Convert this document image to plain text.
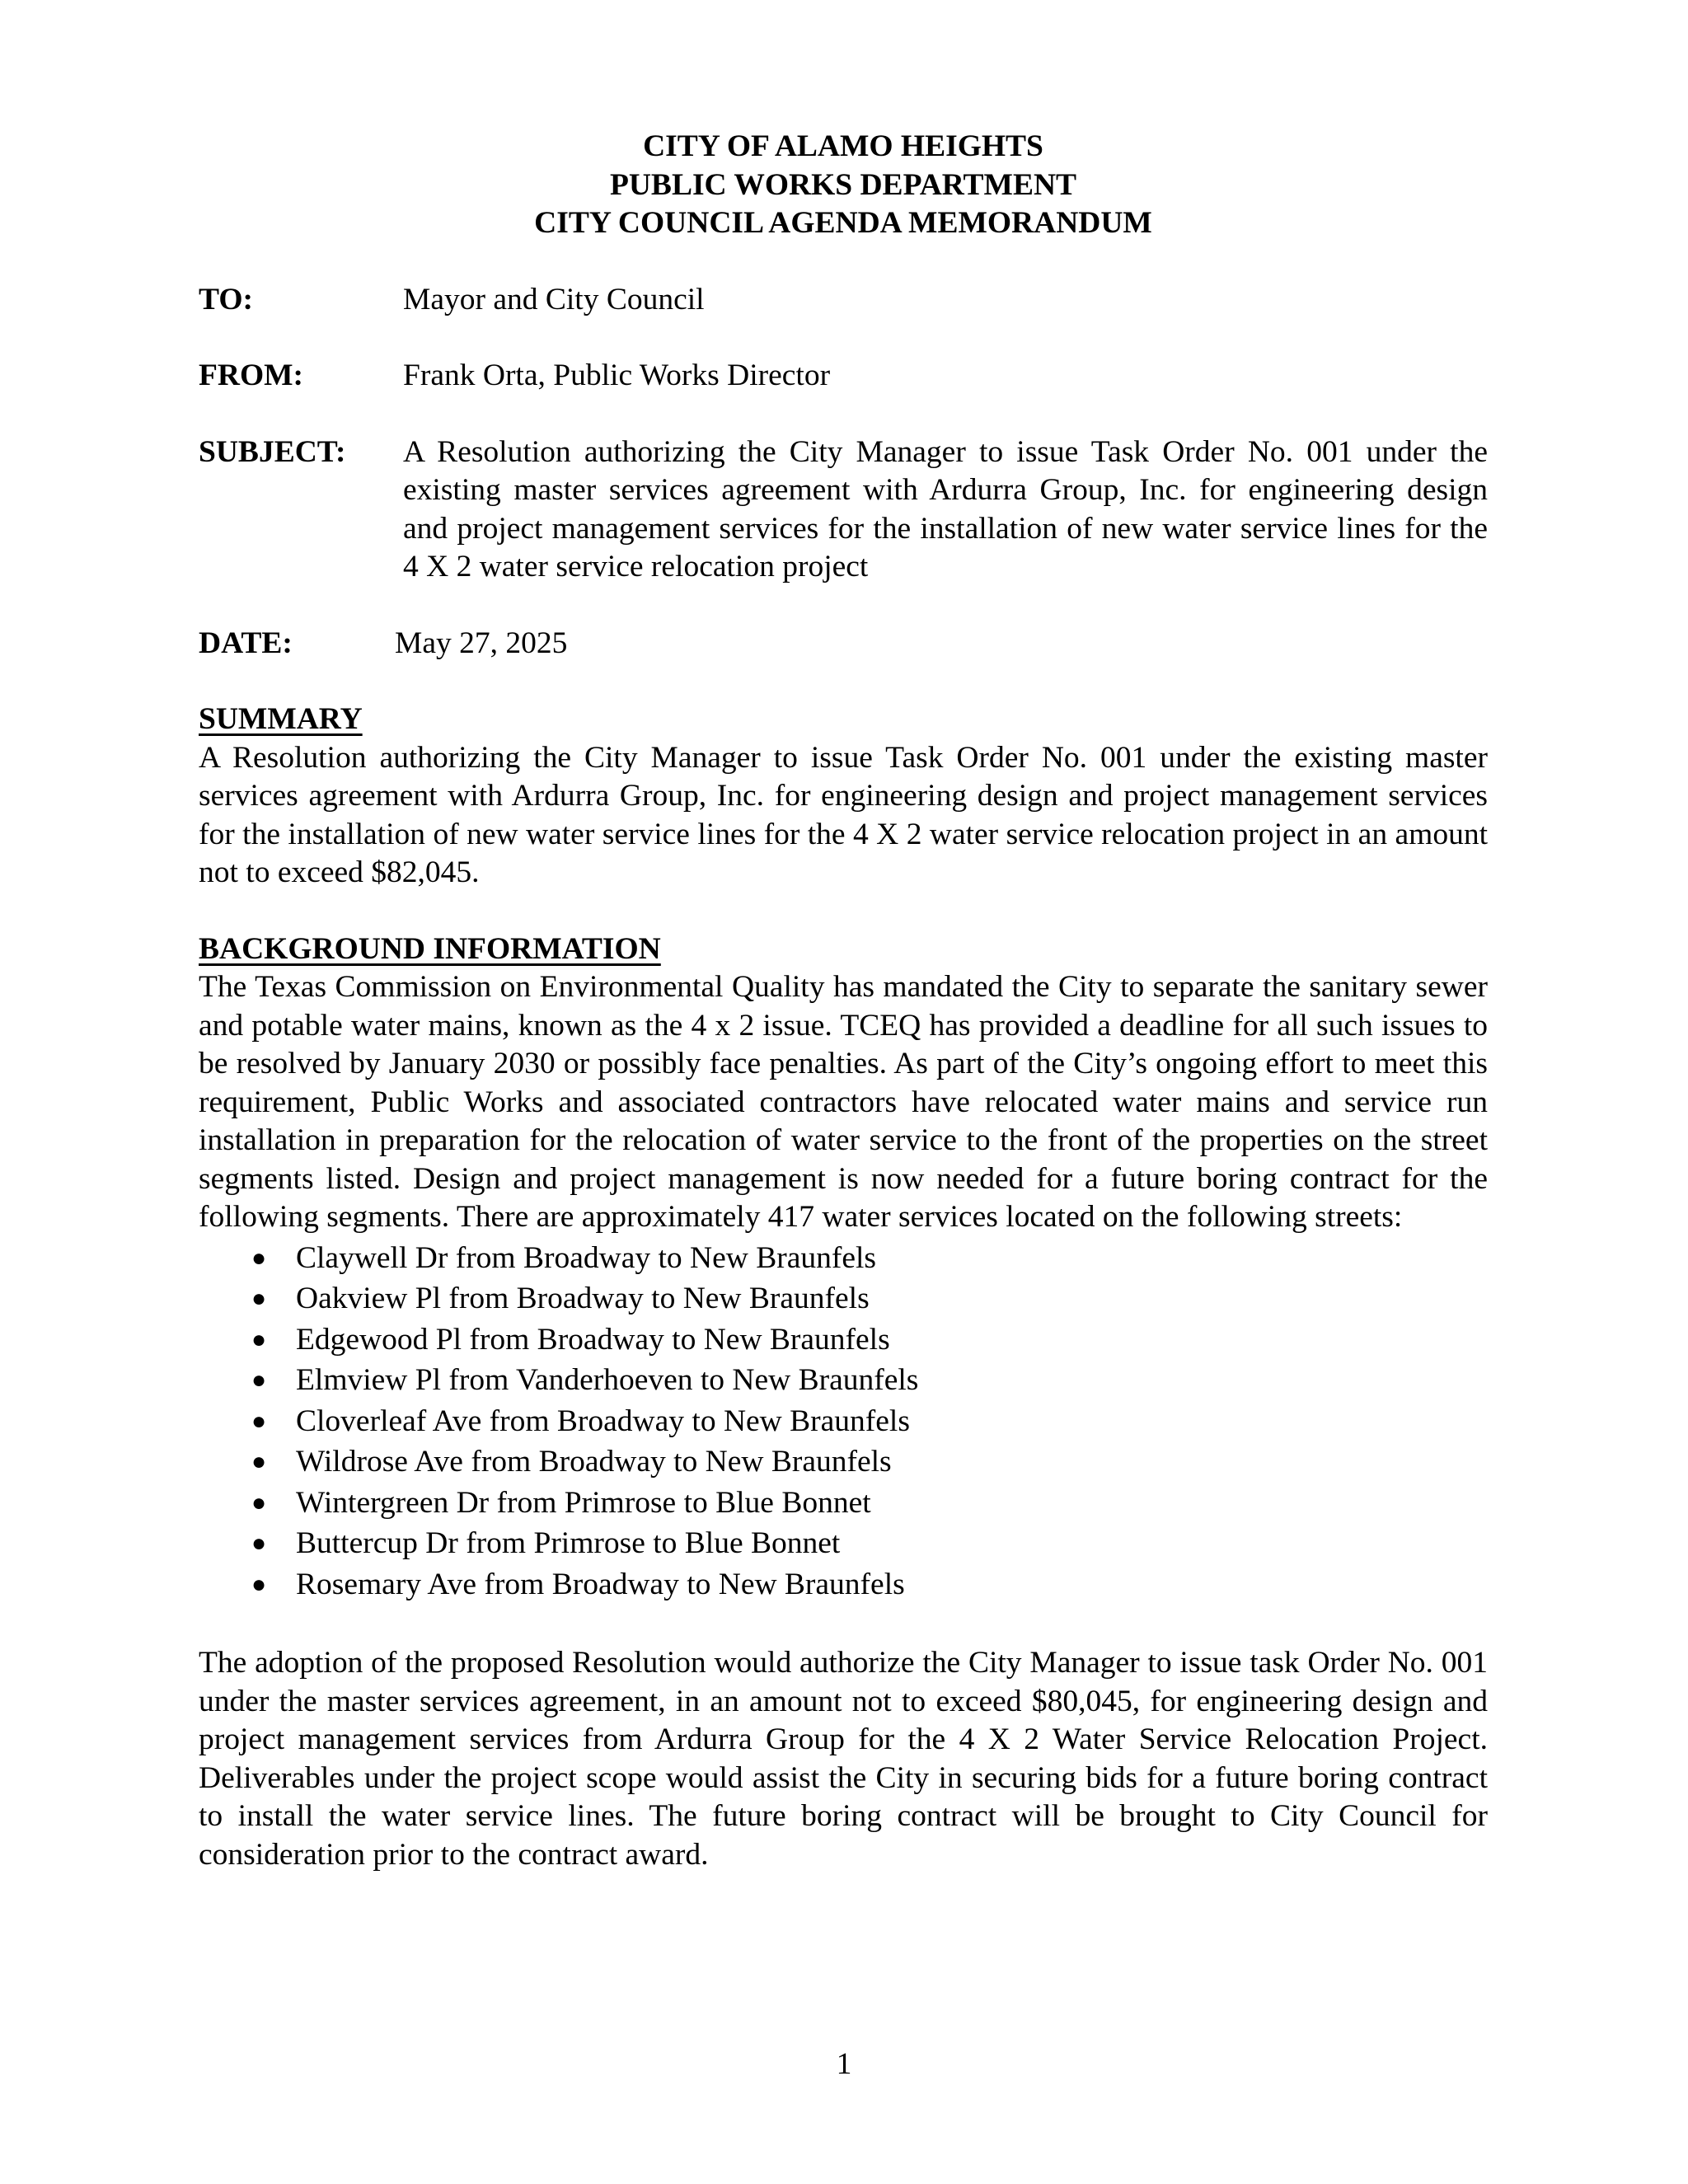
CITY OF ALAMO HEIGHTS

PUBLIC WORKS DEPARTMENT

CITY COUNCIL AGENDA MEMORANDUM

TO:	Mayor and City Council
FROM:	Frank Orta, Public Works Director
SUBJECT:	A Resolution authorizing the City Manager to issue Task Order No. 001 under the existing master services agreement with Ardurra Group, Inc. for engineering design and project management services for the installation of new water service lines for the 4 X 2 water service relocation project
DATE:	May 27, 2025

SUMMARY

A Resolution authorizing the City Manager to issue Task Order No. 001 under the existing master services agreement with Ardurra Group, Inc. for engineering design and project management services for the installation of new water service lines for the 4 X 2 water service relocation project in an amount not to exceed $82,045.

BACKGROUND INFORMATION

The Texas Commission on Environmental Quality has mandated the City to separate the sanitary sewer and potable water mains, known as the 4 x 2 issue. TCEQ has provided a deadline for all such issues to be resolved by January 2030 or possibly face penalties. As part of the City’s ongoing effort to meet this requirement, Public Works and associated contractors have relocated water mains and service run installation in preparation for the relocation of water service to the front of the properties on the street segments listed. Design and project management is now needed for a future boring contract for the following segments. There are approximately 417 water services located on the following streets:

● Claywell Dr from Broadway to New Braunfels
● Oakview Pl from Broadway to New Braunfels
● Edgewood Pl from Broadway to New Braunfels
● Elmview Pl from Vanderhoeven to New Braunfels
● Cloverleaf Ave from Broadway to New Braunfels
● Wildrose Ave from Broadway to New Braunfels
● Wintergreen Dr from Primrose to Blue Bonnet
● Buttercup Dr from Primrose to Blue Bonnet
● Rosemary Ave from Broadway to New Braunfels

The adoption of the proposed Resolution would authorize the City Manager to issue task Order No. 001 under the master services agreement, in an amount not to exceed $80,045, for engineering design and project management services from Ardurra Group for the 4 X 2 Water Service Relocation Project. Deliverables under the project scope would assist the City in securing bids for a future boring contract to install the water service lines. The future boring contract will be brought to City Council for consideration prior to the contract award.

1
